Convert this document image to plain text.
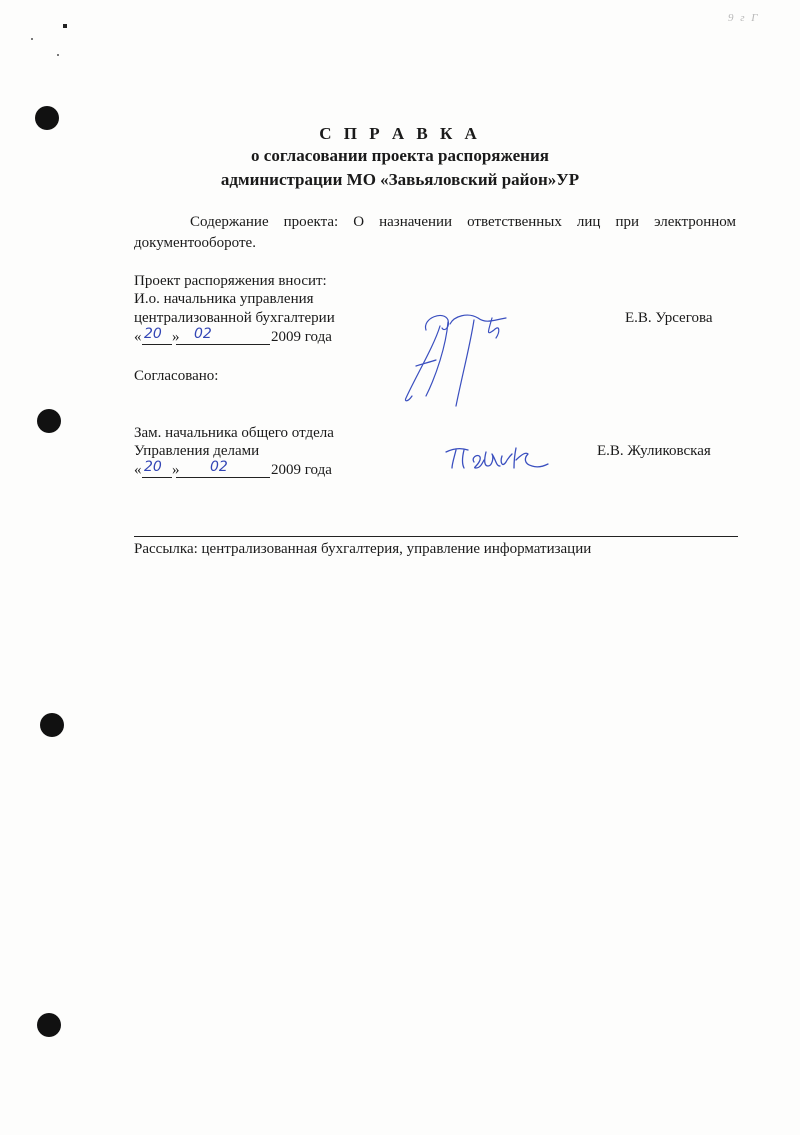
9 г Г
С П Р А В К А
о согласовании проекта распоряжения
администрации МО «Завьяловский район»УР
Содержание проекта: О назначении ответственных лиц при электронном документообороте.
Проект распоряжения вносит:
И.о. начальника управления
централизованной бухгалтерии	Е.В. Урсегова
« 20 » 02	2009 года
Согласовано:
Зам. начальника общего отдела
Управления делами	Е.В. Жуликовская
« 20 » 02	2009 года
Рассылка: централизованная бухгалтерия, управление информатизации
